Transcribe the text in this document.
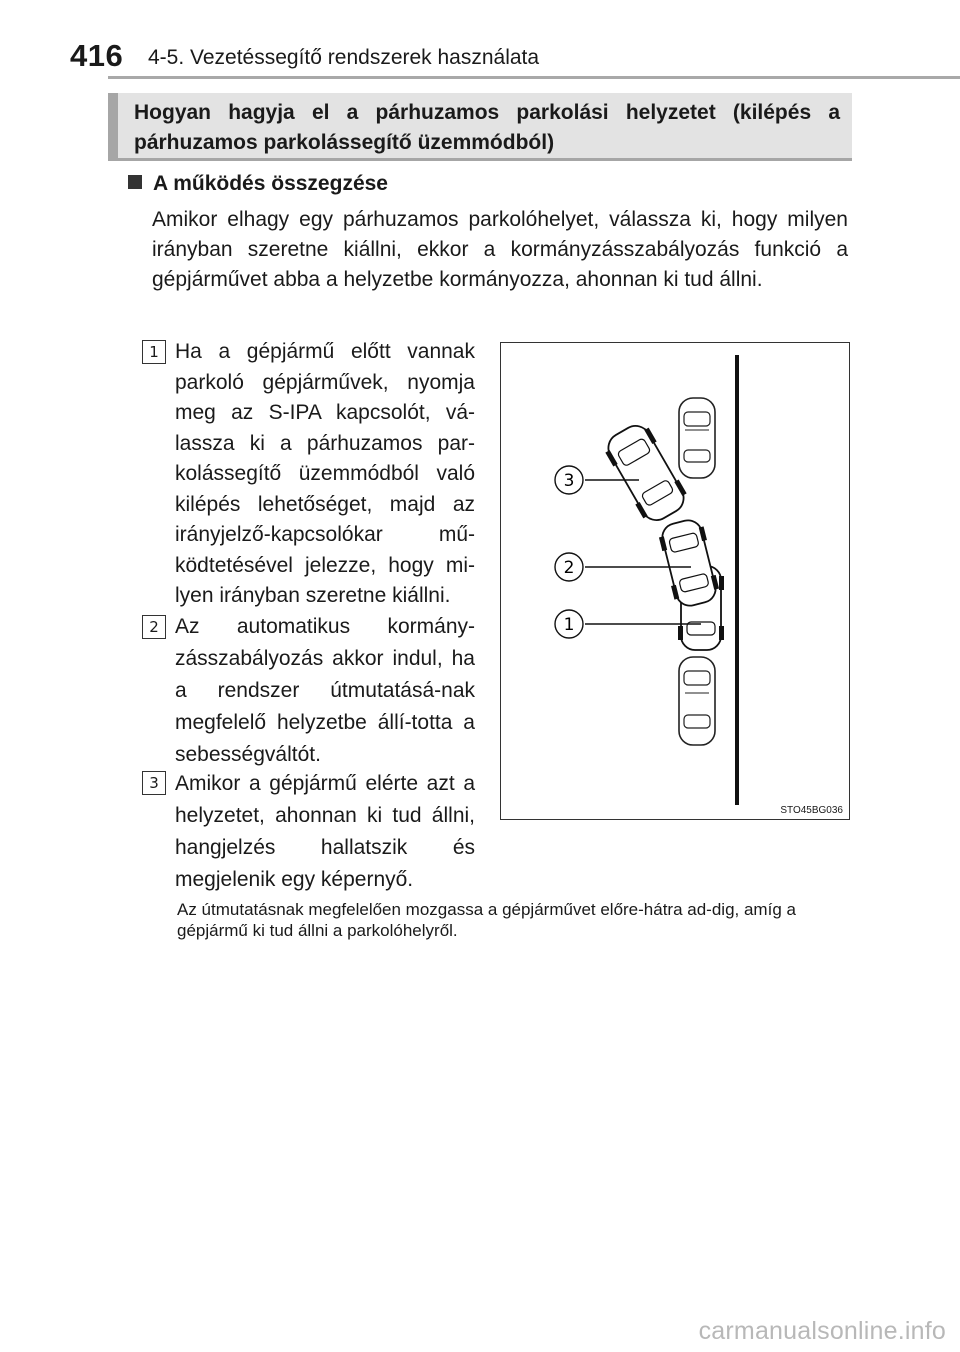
416 4-5. Vezetéssegítő rendszerek használata
Hogyan hagyja el a párhuzamos parkolási helyzetet (kilépés a párhuzamos parkolássegítő üzemmódból)
A működés összegzése
Amikor elhagy egy párhuzamos parkolóhelyet, válassza ki, hogy milyen irányban szeretne kiállni, ekkor a kormányzásszabályozás funkció a gépjárművet abba a helyzetbe kormányozza, ahonnan ki tud állni.
1 Ha a gépjármű előtt vannak parkoló gépjárművek, nyomja meg az S-IPA kapcsolót, vá-lassza ki a párhuzamos par-kolássegítő üzemmódból való kilépés lehetőséget, majd az irányjelző-kapcsolókar mű-ködtetésével jelezze, hogy mi-lyen irányban szeretne kiállni.
2 Az automatikus kormány-zásszabályozás akkor indul, ha a rendszer útmutatásá-nak megfelelő helyzetbe állí-totta a sebességváltót.
3 Amikor a gépjármű elérte azt a helyzetet, ahonnan ki tud állni, hangjelzés hallatszik és megjelenik egy képernyő.
3
2
1
STO45BG036
Az útmutatásnak megfelelően mozgassa a gépjárművet előre-hátra ad-dig, amíg a gépjármű ki tud állni a parkolóhelyről.
carmanualsonline.info
